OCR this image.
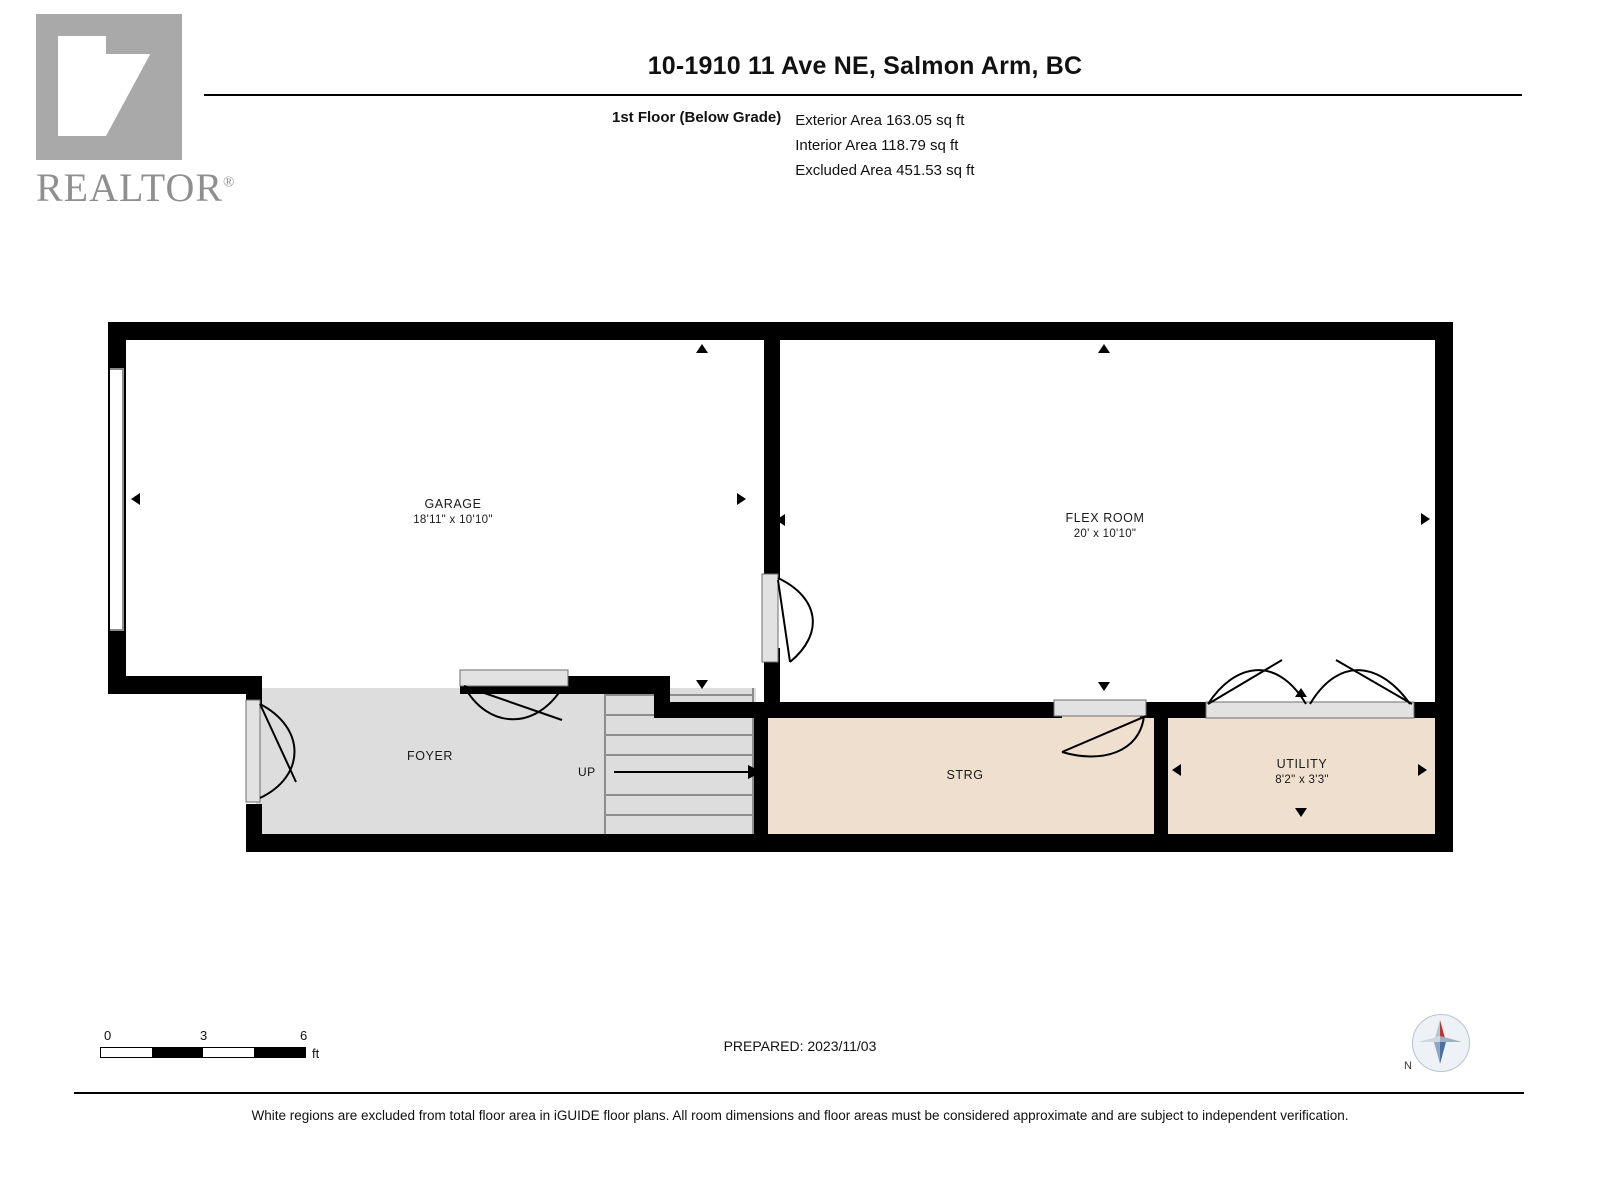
REALTOR®
10-1910 11 Ave NE, Salmon Arm, BC
1st Floor (Below Grade) Exterior Area 163.05 sq ft
Interior Area 118.79 sq ft
Excluded Area 451.53 sq ft
GARAGE
18'11" x 10'10"	FLEX ROOM
20' x 10'10"
FOYER
STRG
UTILITY
8'2" x 3'3"
UP
0	3	6
ft	PREPARED: 2023/11/03
N
White regions are excluded from total floor area in iGUIDE floor plans. All room dimensions and floor areas must be considered approximate and are subject to independent verification.
